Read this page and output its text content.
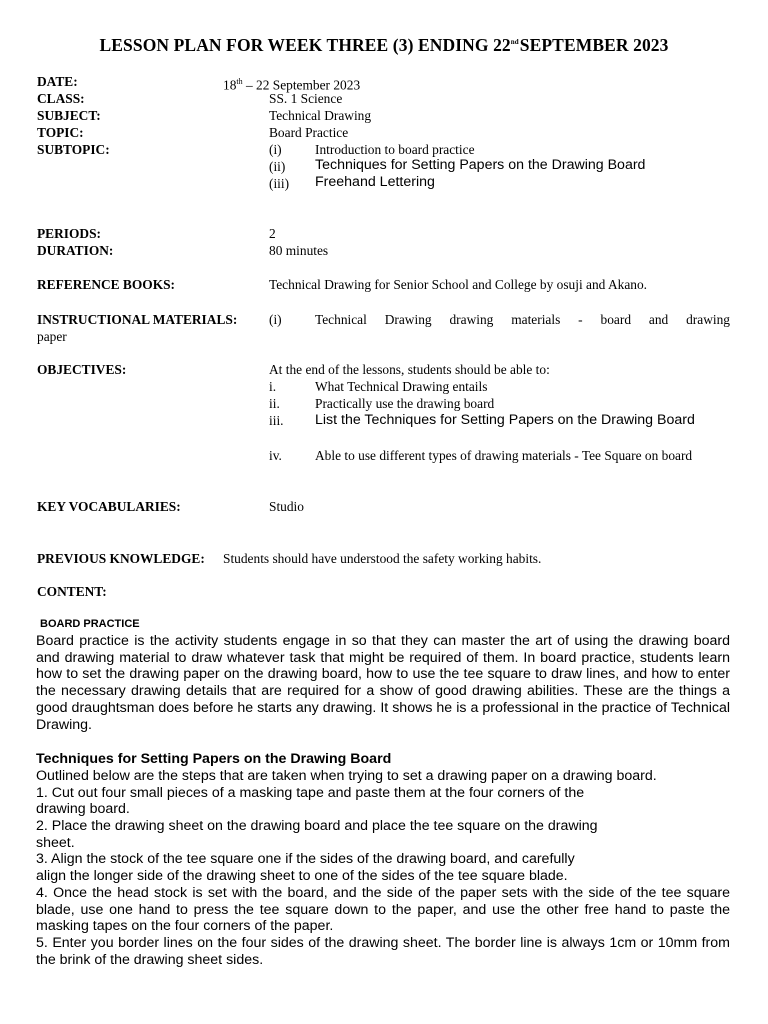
LESSON PLAN FOR WEEK THREE (3) ENDING 22ndSEPTEMBER 2023
DATE:	18th – 22 September 2023
CLASS:	SS. 1 Science
SUBJECT:	Technical Drawing
TOPIC:	Board Practice
SUBTOPIC:	(i) Introduction to board practice
(ii) Techniques for Setting Papers on the Drawing Board
(iii) Freehand Lettering
PERIODS:	2
DURATION:	80 minutes
REFERENCE BOOKS:	Technical Drawing for Senior School and College by osuji and Akano.
INSTRUCTIONAL MATERIALS: (i) Technical Drawing drawing materials - board and drawing
paper
OBJECTIVES:	At the end of the lessons, students should be able to:
i.	What Technical Drawing entails
ii.	Practically use the drawing board
iii. List the Techniques for Setting Papers on the Drawing Board
iv. Able to use different types of drawing materials - Tee Square on board
KEY VOCABULARIES:	Studio
PREVIOUS KNOWLEDGE: Students should have understood the safety working habits.
CONTENT:
BOARD PRACTICE
Board practice is the activity students engage in so that they can master the art of using the drawing board and drawing material to draw whatever task that might be required of them. In board practice, students learn how to set the drawing paper on the drawing board, how to use the tee square to draw lines, and how to enter the necessary drawing details that are required for a show of good drawing abilities. These are the things a good draughtsman does before he starts any drawing. It shows he is a professional in the practice of Technical Drawing.
Techniques for Setting Papers on the Drawing Board
Outlined below are the steps that are taken when trying to set a drawing paper on a drawing board.
1. Cut out four small pieces of a masking tape and paste them at the four corners of the
drawing board.
2. Place the drawing sheet on the drawing board and place the tee square on the drawing
sheet.
3. Align the stock of the tee square one if the sides of the drawing board, and carefully
align the longer side of the drawing sheet to one of the sides of the tee square blade.
4. Once the head stock is set with the board, and the side of the paper sets with the side of the tee square blade, use one hand to press the tee square down to the paper, and use the other free hand to paste the masking tapes on the four corners of the paper.
5. Enter you border lines on the four sides of the drawing sheet. The border line is always 1cm or 10mm from the brink of the drawing sheet sides.
